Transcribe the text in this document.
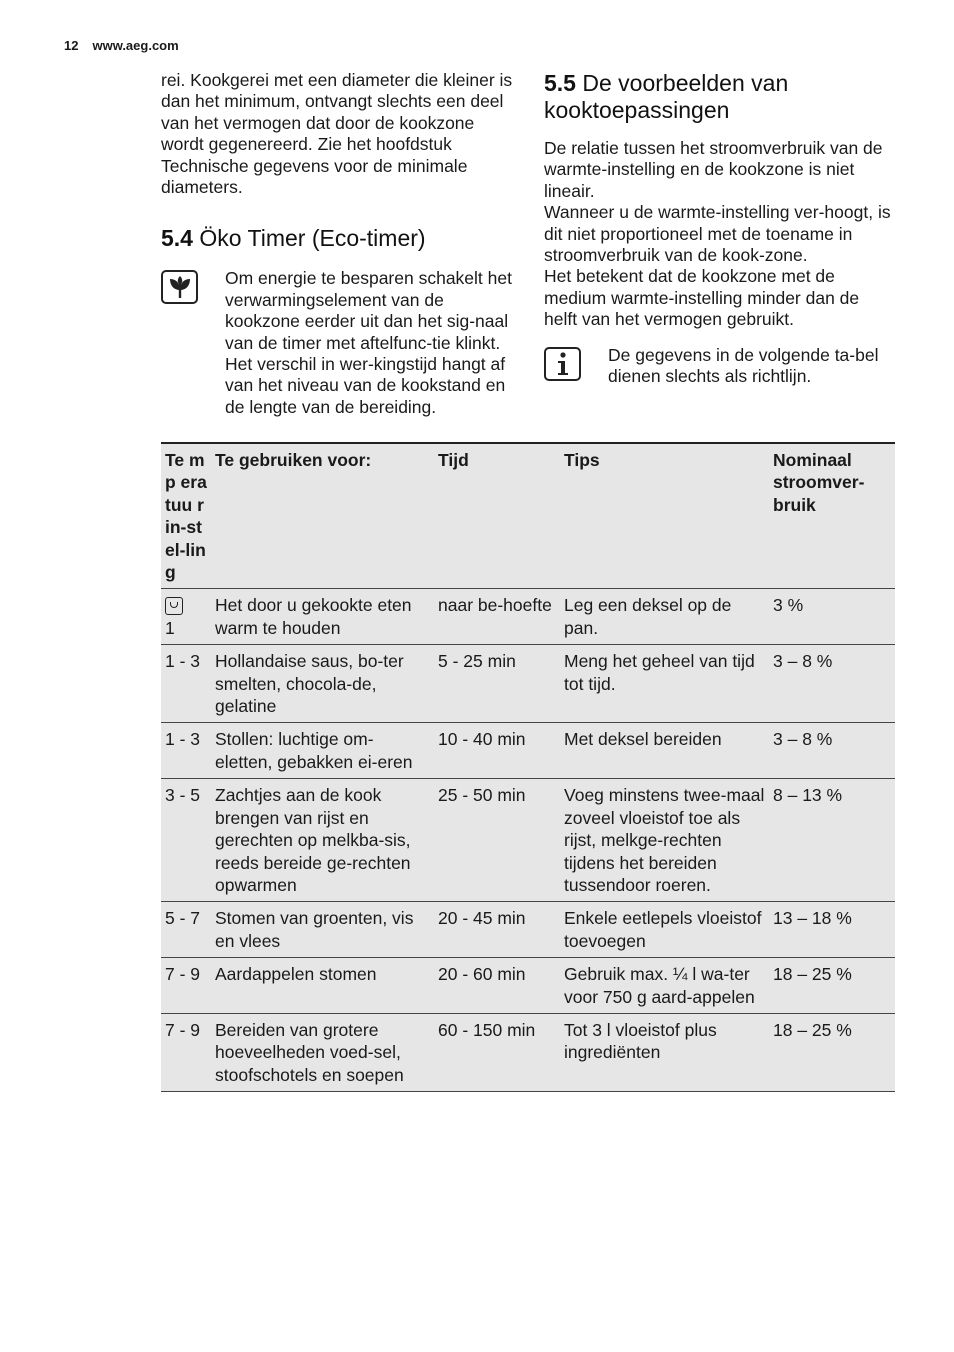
12 www.aeg.com

rei. Kookgerei met een diameter die kleiner is dan het minimum, ontvangt slechts een deel van het vermogen dat door de kookzone wordt gegenereerd. Zie het hoofdstuk Technische gegevens voor de minimale diameters.

5.4 Öko Timer (Eco-timer)

Om energie te besparen schakelt het verwarmingselement van de kookzone eerder uit dan het sig-naal van de timer met aftelfunc-tie klinkt. Het verschil in wer-kingstijd hangt af van het niveau van de kookstand en de lengte van de bereiding.

5.5 De voorbeelden van kooktoepassingen

De relatie tussen het stroomverbruik van de warmte-instelling en de kookzone is niet lineair.

Wanneer u de warmte-instelling ver-hoogt, is dit niet proportioneel met de toename in stroomverbruik van de kook-zone.

Het betekent dat de kookzone met de medium warmte-instelling minder dan de helft van het vermogen gebruikt.

De gegevens in de volgende ta-bel dienen slechts als richtlijn.

Te mp era tuu rin-stel-lin g	Te gebruiken voor:	Tijd	Tips	Nominaal stroomver-bruik

1	Het door u gekookte eten warm te houden	naar be-hoefte	Leg een deksel op de pan.	3 %
1 - 3	Hollandaise saus, bo-ter smelten, chocola-de, gelatine	5 - 25 min	Meng het geheel van tijd tot tijd.	3 – 8 %
1 - 3	Stollen: luchtige om-eletten, gebakken ei-eren	10 - 40 min	Met deksel bereiden	3 – 8 %
3 - 5	Zachtjes aan de kook brengen van rijst en gerechten op melkba-sis, reeds bereide ge-rechten opwarmen	25 - 50 min	Voeg minstens twee-maal zoveel vloeistof toe als rijst, melkge-rechten tijdens het bereiden tussendoor roeren.	8 – 13 %
5 - 7	Stomen van groenten, vis en vlees	20 - 45 min	Enkele eetlepels vloeistof toevoegen	13 – 18 %
7 - 9	Aardappelen stomen	20 - 60 min	Gebruik max. ¼ l wa-ter voor 750 g aard-appelen	18 – 25 %
7 - 9	Bereiden van grotere hoeveelheden voed-sel, stoofschotels en soepen	60 - 150 min	Tot 3 l vloeistof plus ingrediënten	18 – 25 %
